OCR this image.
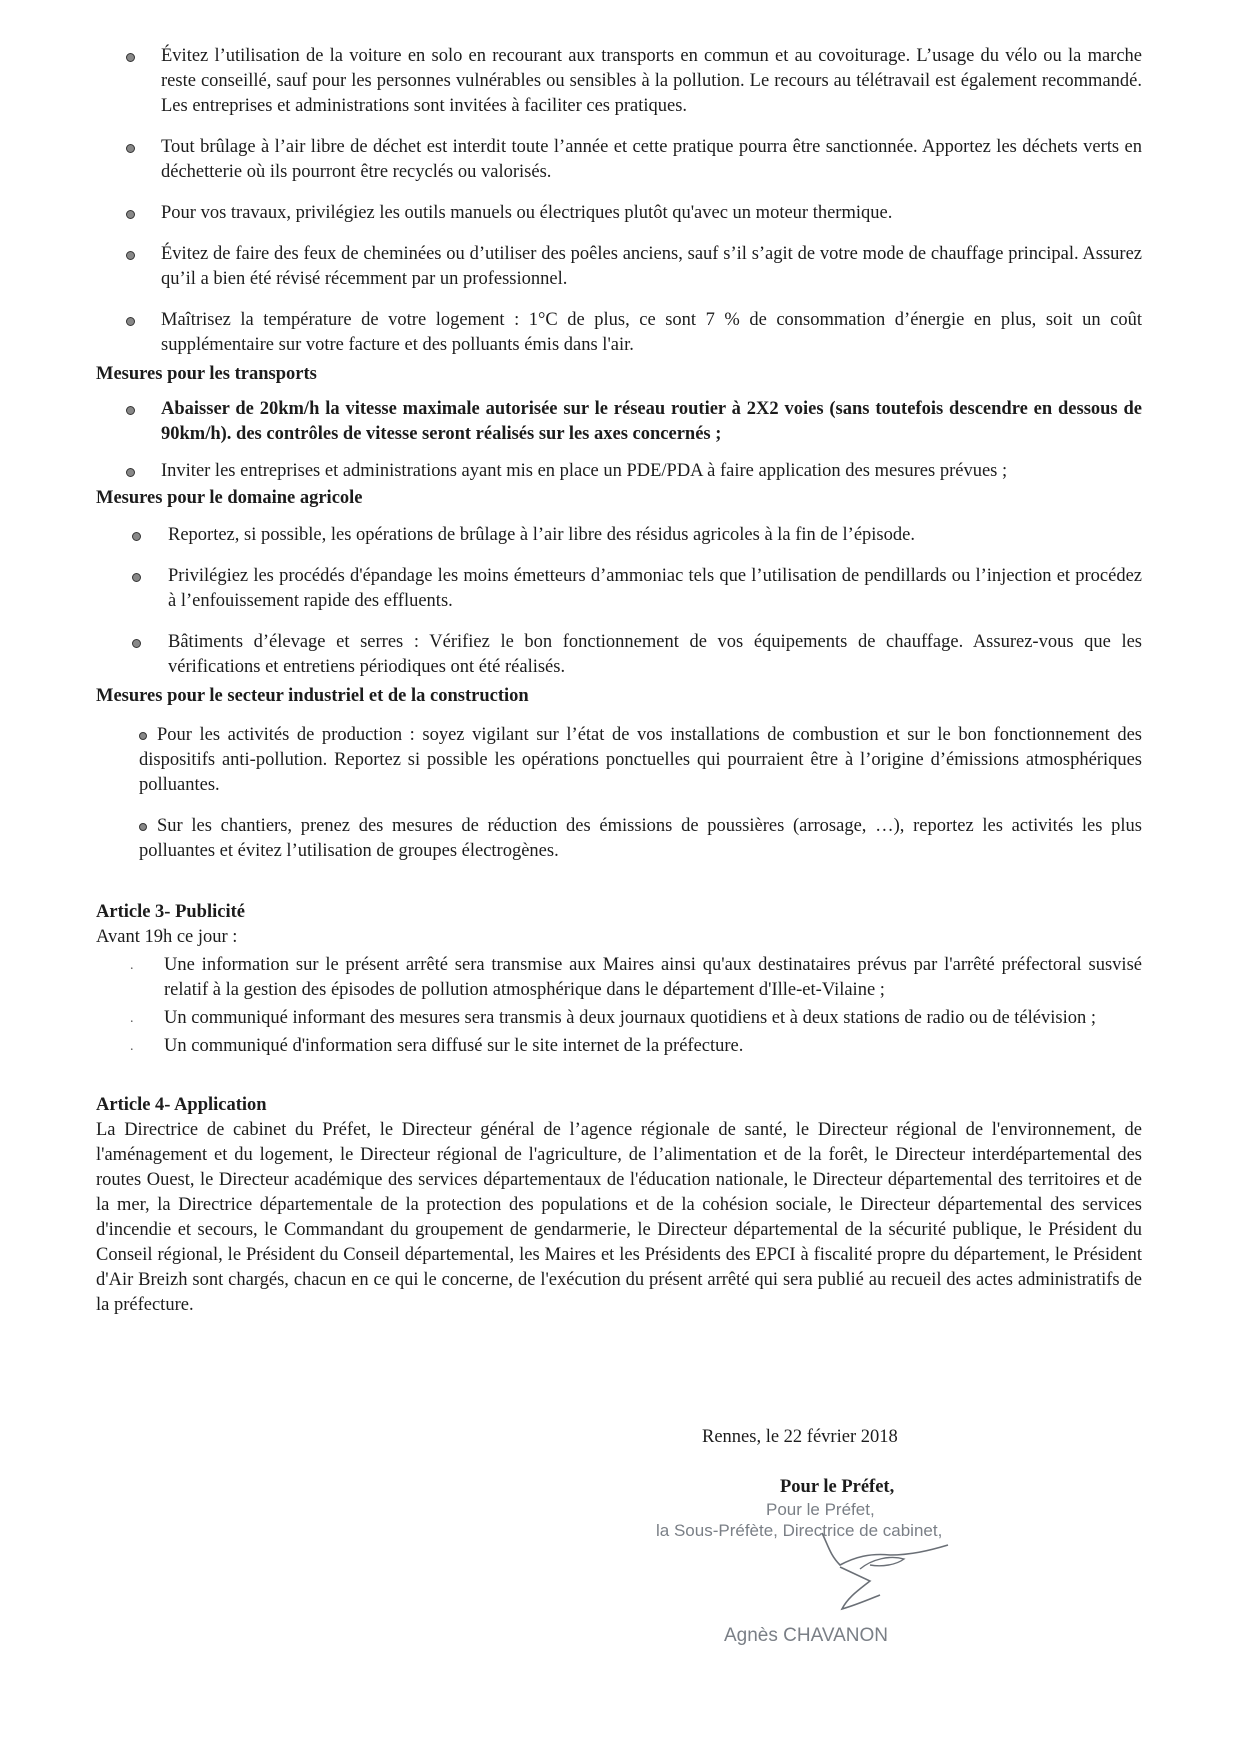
Évitez l’utilisation de la voiture en solo en recourant aux transports en commun et au covoiturage. L’usage du vélo ou la marche reste conseillé, sauf pour les personnes vulnérables ou sensibles à la pollution. Le recours au télétravail est également recommandé. Les entreprises et administrations sont invitées à faciliter ces pratiques.

Tout brûlage à l’air libre de déchet est interdit toute l’année et cette pratique pourra être sanctionnée. Apportez les déchets verts en déchetterie où ils pourront être recyclés ou valorisés.

Pour vos travaux, privilégiez les outils manuels ou électriques plutôt qu'avec un moteur thermique.

Évitez de faire des feux de cheminées ou d’utiliser des poêles anciens, sauf s’il s’agit de votre mode de chauffage principal. Assurez qu’il a bien été révisé récemment par un professionnel.

Maîtrisez la température de votre logement : 1°C de plus, ce sont 7 % de consommation d’énergie en plus, soit un coût supplémentaire sur votre facture et des polluants émis dans l'air.

Mesures pour les transports

Abaisser de 20km/h la vitesse maximale autorisée sur le réseau routier à 2X2 voies (sans toutefois descendre en dessous de 90km/h). des contrôles de vitesse seront réalisés sur les axes concernés ;

Inviter les entreprises et administrations ayant mis en place un PDE/PDA à faire application des mesures prévues ;

Mesures pour le domaine agricole

Reportez, si possible, les opérations de brûlage à l’air libre des résidus agricoles à la fin de l’épisode.

Privilégiez les procédés d'épandage les moins émetteurs d’ammoniac tels que l’utilisation de pendillards ou l’injection et procédez à l’enfouissement rapide des effluents.

Bâtiments d’élevage et serres : Vérifiez le bon fonctionnement de vos équipements de chauffage. Assurez-vous que les vérifications et entretiens périodiques ont été réalisés.

Mesures pour le secteur industriel et de la construction

Pour les activités de production : soyez vigilant sur l’état de vos installations de combustion et sur le bon fonctionnement des dispositifs anti-pollution. Reportez si possible les opérations ponctuelles qui pourraient être à l’origine d’émissions atmosphériques polluantes.

Sur les chantiers, prenez des mesures de réduction des émissions de poussières (arrosage, …), reportez les activités les plus polluantes et évitez l’utilisation de groupes électrogènes.

Article 3- Publicité

Avant 19h ce jour :

.	Une information sur le présent arrêté sera transmise aux Maires ainsi qu'aux destinataires prévus par l'arrêté préfectoral susvisé relatif à la gestion des épisodes de pollution atmosphérique dans le département d'Ille-et-Vilaine ;

.	Un communiqué informant des mesures sera transmis à deux journaux quotidiens et à deux stations de radio ou de télévision ;

.	Un communiqué d'information sera diffusé sur le site internet de la préfecture.

Article 4- Application

La Directrice de cabinet du Préfet, le Directeur général de l’agence régionale de santé, le Directeur régional de l'environnement, de l'aménagement et du logement, le Directeur régional de l'agriculture, de l’alimentation et de la forêt, le Directeur interdépartemental des routes Ouest, le Directeur académique des services départementaux de l'éducation nationale, le Directeur départemental des territoires et de la mer, la Directrice départementale de la protection des populations et de la cohésion sociale, le Directeur départemental des services d'incendie et secours, le Commandant du groupement de gendarmerie, le Directeur départemental de la sécurité publique, le Président du Conseil régional, le Président du Conseil départemental, les Maires et les Présidents des EPCI à fiscalité propre du département, le Président d'Air Breizh sont chargés, chacun en ce qui le concerne, de l'exécution du présent arrêté qui sera publié au recueil des actes administratifs de la préfecture.

Rennes, le 22 février 2018

Pour le Préfet,

Pour le Préfet,

la Sous-Préfète, Directrice de cabinet,

Agnès CHAVANON
